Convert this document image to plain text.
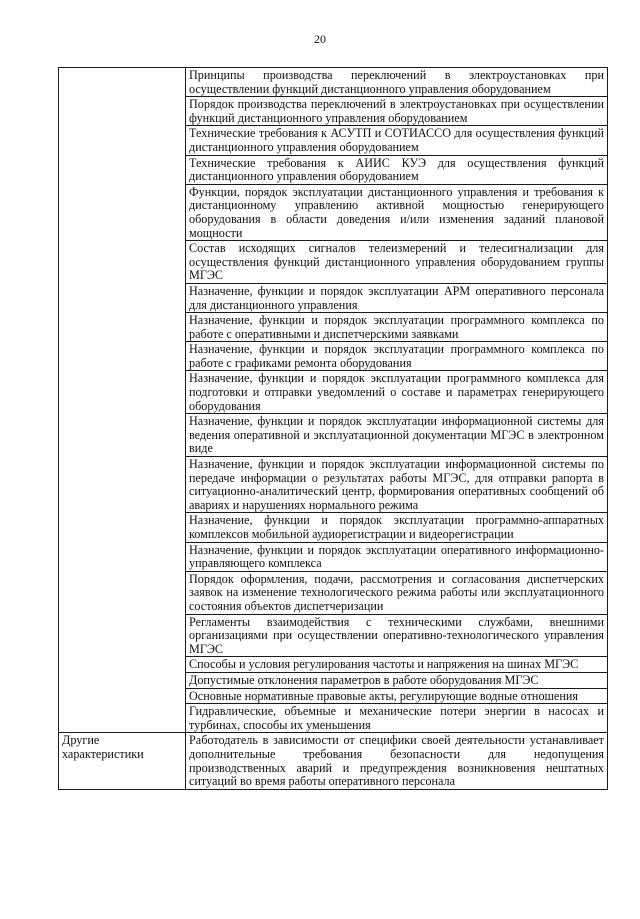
20
	Принципы производства переключений в электроустановках при осуществлении функций дистанционного управления оборудованием
	Порядок производства переключений в электроустановках при осуществлении функций дистанционного управления оборудованием
	Технические требования к АСУТП и СОТИАССО для осуществления функций дистанционного управления оборудованием
	Технические требования к АИИС КУЭ для осуществления функций дистанционного управления оборудованием
	Функции, порядок эксплуатации дистанционного управления и требования к дистанционному управлению активной мощностью генерирующего оборудования в области доведения и/или изменения заданий плановой мощности
	Состав исходящих сигналов телеизмерений и телесигнализации для осуществления функций дистанционного управления оборудованием группы МГЭС
	Назначение, функции и порядок эксплуатации АРМ оперативного персонала для дистанционного управления
	Назначение, функции и порядок эксплуатации программного комплекса по работе с оперативными и диспетчерскими заявками
	Назначение, функции и порядок эксплуатации программного комплекса по работе с графиками ремонта оборудования
	Назначение, функции и порядок эксплуатации программного комплекса для подготовки и отправки уведомлений о составе и параметрах генерирующего оборудования
	Назначение, функции и порядок эксплуатации информационной системы для ведения оперативной и эксплуатационной документации МГЭС в электронном виде
	Назначение, функции и порядок эксплуатации информационной системы по передаче информации о результатах работы МГЭС, для отправки рапорта в ситуационно-аналитический центр, формирования оперативных сообщений об авариях и нарушениях нормального режима
	Назначение, функции и порядок эксплуатации программно-аппаратных комплексов мобильной аудиорегистрации и видеорегистрации
	Назначение, функции и порядок эксплуатации оперативного информационно-управляющего комплекса
	Порядок оформления, подачи, рассмотрения и согласования диспетчерских заявок на изменение технологического режима работы или эксплуатационного состояния объектов диспетчеризации
	Регламенты взаимодействия с техническими службами, внешними организациями при осуществлении оперативно-технологического управления МГЭС
	Способы и условия регулирования частоты и напряжения на шинах МГЭС
	Допустимые отклонения параметров в работе оборудования МГЭС
	Основные нормативные правовые акты, регулирующие водные отношения
	Гидравлические, объемные и механические потери энергии в насосах и турбинах, способы их уменьшения
Другие характеристики	Работодатель в зависимости от специфики своей деятельности устанавливает дополнительные требования безопасности для недопущения производственных аварий и предупреждения возникновения нештатных ситуаций во время работы оперативного персонала
